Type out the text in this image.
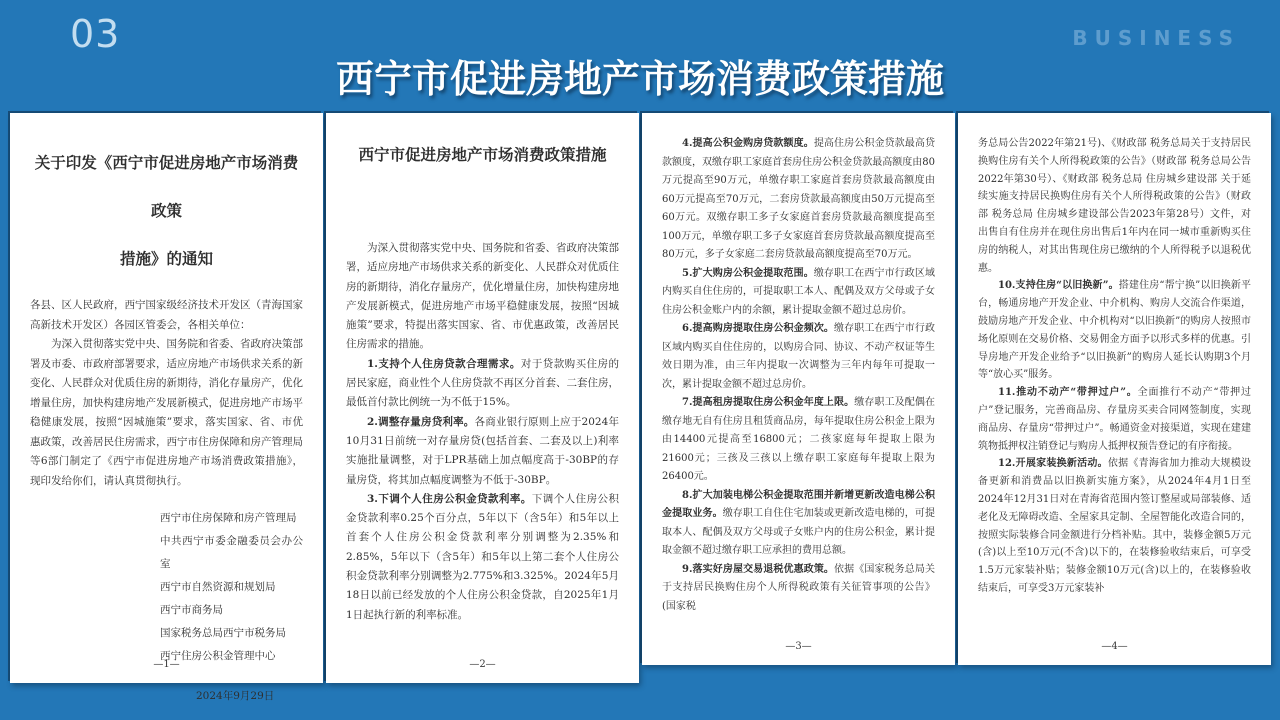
03	BUSINESS
西宁市促进房地产市场消费政策措施
关于印发《西宁市促进房地产市场消费政策
措施》的通知

各县、区人民政府，西宁国家级经济技术开发区（青海国家高新技术开发区）各园区管委会，各相关单位：

为深入贯彻落实党中央、国务院和省委、省政府决策部署及市委、市政府部署要求，适应房地产市场供求关系的新变化、人民群众对优质住房的新期待，消化存量房产，优化增量住房，加快构建房地产发展新模式，促进房地产市场平稳健康发展，按照“因城施策”要求，落实国家、省、市优惠政策，改善居民住房需求，西宁市住房保障和房产管理局等6部门制定了《西宁市促进房地产市场消费政策措施》，现印发给你们，请认真贯彻执行。

西宁市住房保障和房产管理局
中共西宁市委金融委员会办公室
西宁市自然资源和规划局
西宁市商务局
国家税务总局西宁市税务局
西宁住房公积金管理中心
2024年9月29日
—1—
西宁市促进房地产市场消费政策措施

为深入贯彻落实党中央、国务院和省委、省政府决策部署，适应房地产市场供求关系的新变化、人民群众对优质住房的新期待，消化存量房产，优化增量住房，加快构建房地产发展新模式，促进房地产市场平稳健康发展，按照“因城施策”要求，特提出落实国家、省、市优惠政策，改善居民住房需求的措施。

1.支持个人住房贷款合理需求。对于贷款购买住房的居民家庭，商业性个人住房贷款不再区分首套、二套住房，最低首付款比例统一为不低于15%。

2.调整存量房贷利率。各商业银行原则上应于2024年10月31日前统一对存量房贷(包括首套、二套及以上)利率实施批量调整，对于LPR基础上加点幅度高于-30BP的存量房贷，将其加点幅度调整为不低于-30BP。

3.下调个人住房公积金贷款利率。下调个人住房公积金贷款利率0.25个百分点，5年以下（含5年）和5年以上首套个人住房公积金贷款利率分别调整为2.35%和2.85%，5年以下（含5年）和5年以上第二套个人住房公积金贷款利率分别调整为2.775%和3.325%。2024年5月18日以前已经发放的个人住房公积金贷款，自2025年1月1日起执行新的利率标准。

—2—

4.提高公积金购房贷款额度。提高住房公积金贷款最高贷款额度，双缴存职工家庭首套房住房公积金贷款最高额度由80万元提高至90万元，单缴存职工家庭首套房贷款最高额度由60万元提高至70万元，二套房贷款最高额度由50万元提高至60万元。双缴存职工多子女家庭首套房贷款最高额度提高至100万元，单缴存职工多子女家庭首套房贷款最高额度提高至80万元，多子女家庭二套房贷款最高额度提高至70万元。

5.扩大购房公积金提取范围。缴存职工在西宁市行政区域内购买自住住房的，可提取职工本人、配偶及双方父母或子女住房公积金账户内的余额，累计提取金额不超过总房价。

6.提高购房提取住房公积金频次。缴存职工在西宁市行政区域内购买自住住房的，以购房合同、协议、不动产权证等生效日期为准，由三年内提取一次调整为三年内每年可提取一次，累计提取金额不超过总房价。

7.提高租房提取住房公积金年度上限。缴存职工及配偶在缴存地无自有住房且租赁商品房，每年提取住房公积金上限为由14400元提高至16800元；二孩家庭每年提取上限为21600元；三孩及三孩以上缴存职工家庭每年提取上限为26400元。

8.扩大加装电梯公积金提取范围并新增更新改造电梯公积金提取业务。缴存职工自住住宅加装或更新改造电梯的，可提取本人、配偶及双方父母或子女账户内的住房公积金，累计提取金额不超过缴存职工应承担的费用总额。

9.落实好房屋交易退税优惠政策。依据《国家税务总局关于支持居民换购住房个人所得税政策有关征管事项的公告》(国家税

—3—

务总局公告2022年第21号)、《财政部 税务总局关于支持居民换购住房有关个人所得税政策的公告》（财政部 税务总局公告2022年第30号）、《财政部 税务总局 住房城乡建设部 关于延续实施支持居民换购住房有关个人所得税政策的公告》（财政部 税务总局 住房城乡建设部公告2023年第28号）文件，对出售自有住房并在现住房出售后1年内在同一城市重新购买住房的纳税人，对其出售现住房已缴纳的个人所得税予以退税优惠。

10.支持住房“以旧换新”。搭建住房“帮宁换”以旧换新平台，畅通房地产开发企业、中介机构、购房人交流合作渠道，鼓励房地产开发企业、中介机构对“以旧换新”的购房人按照市场化原则在交易价格、交易佣金方面予以形式多样的优惠。引导房地产开发企业给予“以旧换新”的购房人延长认购期3个月等“放心买”服务。

11.推动不动产“带押过户”。全面推行不动产“带押过户”登记服务，完善商品房、存量房买卖合同网签制度，实现商品房、存量房“带押过户”。畅通资金对接渠道，实现在建建筑物抵押权注销登记与购房人抵押权预告登记的有序衔接。

12.开展家装换新活动。依据《青海省加力推动大规模设备更新和消费品以旧换新实施方案》，从2024年4月1日至2024年12月31日对在青海省范围内签订整屋或局部装修、适老化及无障碍改造、全屋家具定制、全屋智能化改造合同的，按照实际装修合同金额进行分档补贴。其中，装修金额5万元(含)以上至10万元(不含)以下的，在装修验收结束后，可享受1.5万元家装补贴；装修金额10万元(含)以上的，在装修验收结束后，可享受3万元家装补

—4—
